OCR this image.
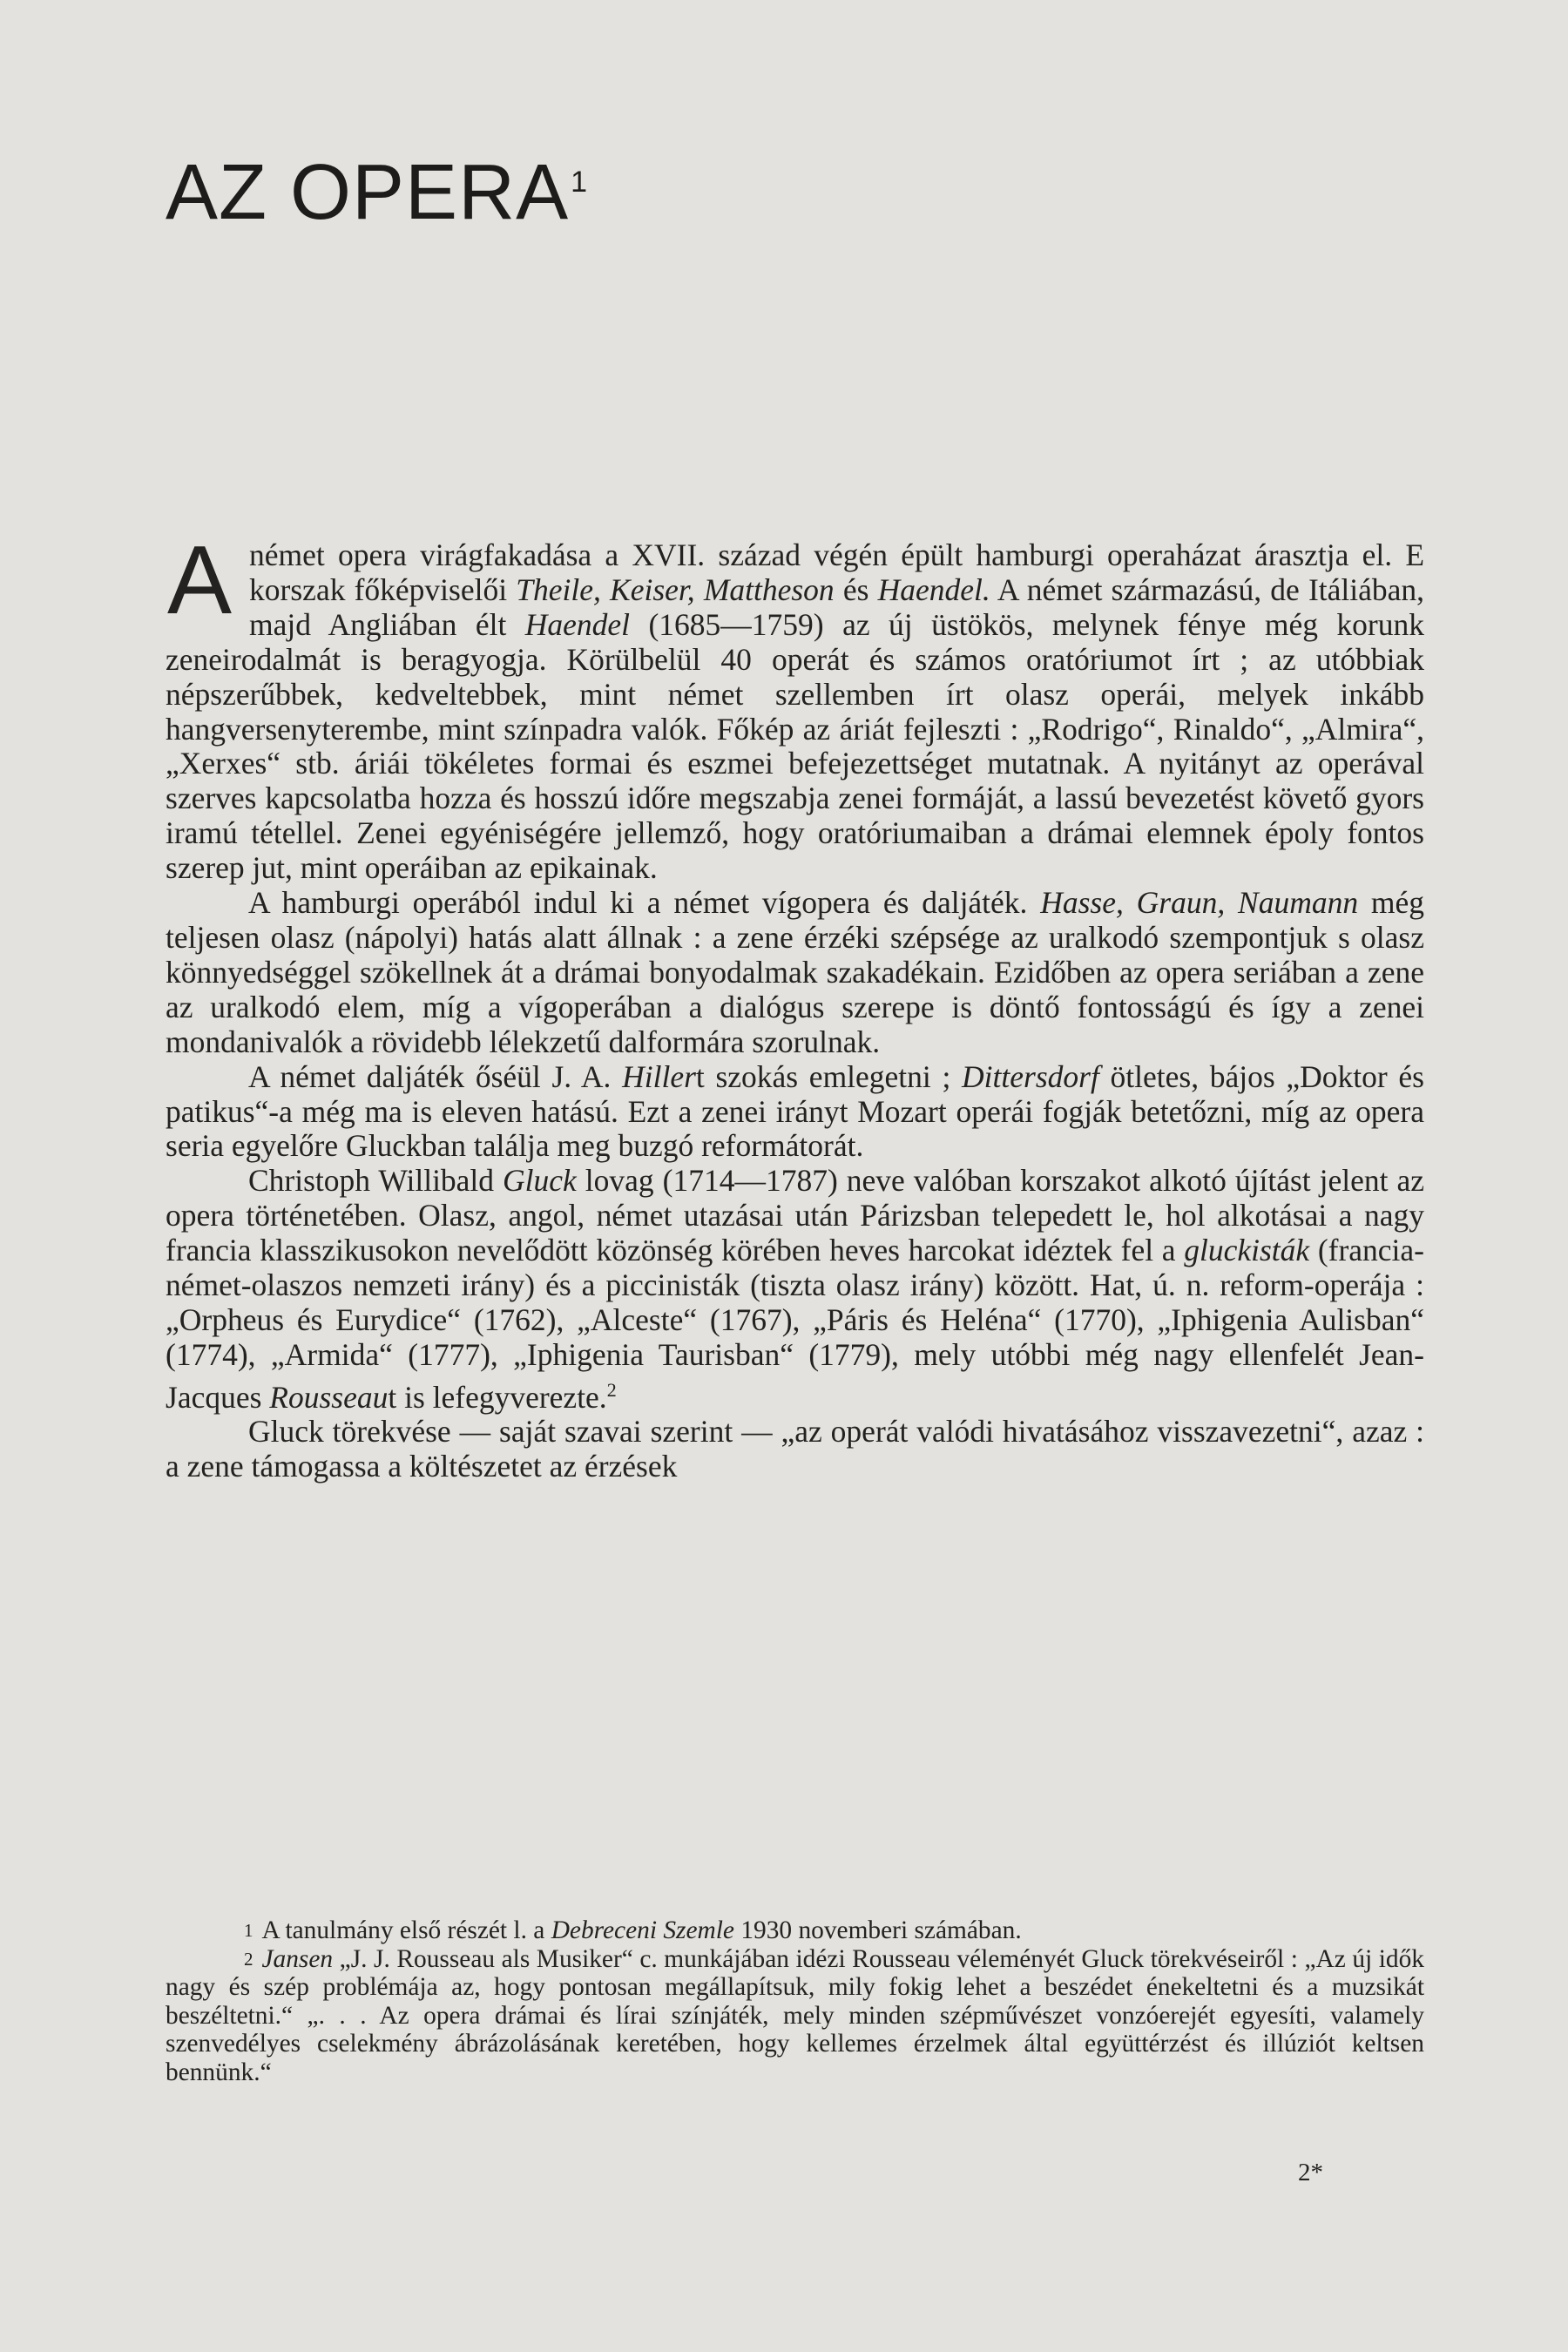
AZ OPERA$^1$

A német opera virágfakadása a XVII. század végén épült hamburgi operaházat árasztja el. E korszak főképviselői Theile, Keiser, Mattheson és Haendel. A német származású, de Itáliában, majd Angliában élt Haendel (1685—1759) az új üstökös, melynek fénye még korunk zeneirodalmát is beragyogja. Körülbelül 40 operát és számos oratóriumot írt ; az utóbbiak népszerűbbek, kedveltebbek, mint német szellemben írt olasz operái, melyek inkább hangversenyterembe, mint színpadra valók. Főkép az áriát fejleszti : „Rodrigo“, Rinaldo“, „Almira“, „Xerxes“ stb. áriái tökéletes formai és eszmei befejezettséget mutatnak. A nyitányt az operával szerves kapcsolatba hozza és hosszú időre megszabja zenei formáját, a lassú bevezetést követő gyors iramú tétellel. Zenei egyéniségére jellemző, hogy oratóriumaiban a drámai elemnek époly fontos szerep jut, mint operáiban az epikainak.

A hamburgi operából indul ki a német vígopera és daljáték. Hasse, Graun, Naumann még teljesen olasz (nápolyi) hatás alatt állnak : a zene érzéki szépsége az uralkodó szempontjuk s olasz könnyedséggel szökellnek át a drámai bonyodalmak szakadékain. Ezidőben az opera seriában a zene az uralkodó elem, míg a vígoperában a dialógus szerepe is döntő fontosságú és így a zenei mondanivalók a rövidebb lélekzetű dalformára szorulnak.

A német daljáték őséül J. A. Hillert szokás emlegetni ; Dittersdorf ötletes, bájos „Doktor és patikus“-a még ma is eleven hatású. Ezt a zenei irányt Mozart operái fogják betetőzni, míg az opera seria egyelőre Gluckban találja meg buzgó reformátorát.

Christoph Willibald Gluck lovag (1714—1787) neve valóban korszakot alkotó újítást jelent az opera történetében. Olasz, angol, német utazásai után Párizsban telepedett le, hol alkotásai a nagy francia klasszikusokon nevelődött közönség körében heves harcokat idéztek fel a gluckisták (francia-német-olaszos nemzeti irány) és a piccinisták (tiszta olasz irány) között. Hat, ú. n. reform-operája : „Orpheus és Eurydice“ (1762), „Alceste“ (1767), „Páris és Heléna“ (1770), „Iphigenia Aulisban“ (1774), „Armida“ (1777), „Iphigenia Taurisban“ (1779), mely utóbbi még nagy ellenfelét Jean-Jacques Rousseaut is lefegyverezte.$^2$

Gluck törekvése — saját szavai szerint — „az operát valódi hivatásához visszavezetni“, azaz : a zene támogassa a költészetet az érzések

$^1$ A tanulmány első részét l. a Debreceni Szemle 1930 novemberi számában.

$^2$ Jansen „J. J. Rousseau als Musiker“ c. munkájában idézi Rousseau véleményét Gluck törekvéseiről : „Az új idők nagy és szép problémája az, hogy pontosan megállapítsuk, mily fokig lehet a beszédet énekeltetni és a muzsikát beszéltetni.“ „. . . Az opera drámai és lírai színjáték, mely minden szépművészet vonzóerejét egyesíti, valamely szenvedélyes cselekmény ábrázolásának keretében, hogy kellemes érzelmek által együttérzést és illúziót keltsen bennünk.“

2*
